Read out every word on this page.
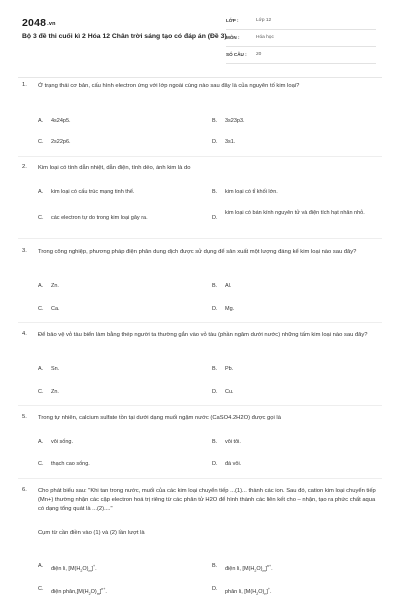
2048.vn
Bộ 3 đề thi cuối kì 2 Hóa 12 Chân trời sáng tạo có đáp án (Đề 3)
LỚP :	Lớp 12
MÔN :	Hóa học
SỐ CÂU : 20
1. Ở trạng thái cơ bản, cấu hình electron ứng với lớp ngoài cùng nào sau đây là của nguyên tố kim loại?
A. 4s24p5.	B. 3s23p3.
C. 2s22p6.	D. 3s1.
2. Kim loại có tính dẫn nhiệt, dẫn điện, tính dẻo, ánh kim là do
A. kim loại có cấu trúc mạng tinh thể.	B. kim loại có tỉ khối lớn.
C. các electron tự do trong kim loại gây ra.	D.
kim loại có bán kính nguyên tử và điện tích hạt nhân nhỏ.
3. Trong công nghiệp, phương pháp điện phân dung dịch được sử dụng để sản xuất một lượng đáng kể kim loại nào sau đây?
A. Zn.	B. Al.
C. Ca.	D. Mg.
4. Để bảo vệ vỏ tàu biển làm bằng thép người ta thường gắn vào vỏ tàu (phần ngâm dưới nước) những tấm kim loại nào sau đây?
A. Sn.	B. Pb.
C. Zn.	D. Cu.
5. Trong tự nhiên, calcium sulfate tồn tại dưới dạng muối ngậm nước (CaSO4.2H2O) được gọi là
A. vôi sống.	B. vôi tôi.
C. thạch cao sống.	D. đá vôi.
6. Cho phát biểu sau: "Khi tan trong nước, muối của các kim loại chuyển tiếp ...(1)... thành các ion. Sau đó, cation kim loại chuyển tiếp (Mn+) thường nhận các cặp electron hoá trị riêng từ các phân tử H2O để hình thành các liên kết cho – nhận, tạo ra phức chất aqua có dạng tổng quát là ...(2)...."
Cụm từ cần điền vào (1) và (2) lần lượt là
A. điện li, $[M(H_2O)_m]^+$.	B. điện li, $[M(H_2O)_m]^{n+}$.
C. điện $phân,[M(H_2O)_m]^{n+}$.	D. phân li, $[M(H_2O)_n]^+$.
